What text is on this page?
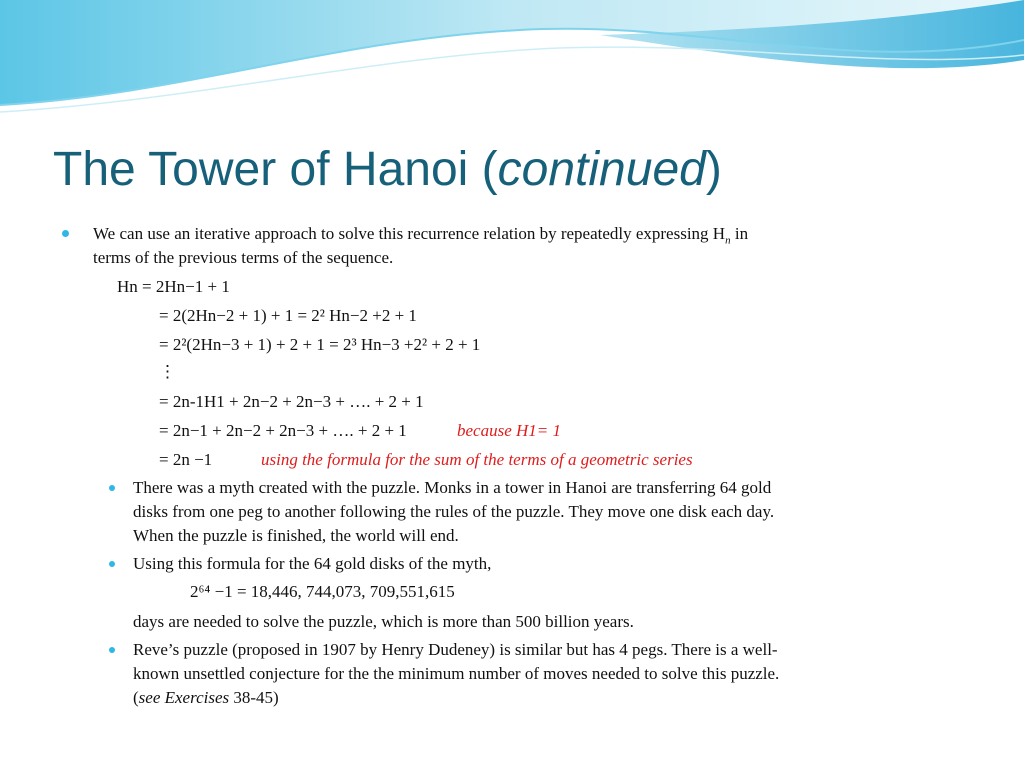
The Tower of Hanoi (continued)
We can use an iterative approach to solve this recurrence relation by repeatedly expressing $H_n$ in
terms of the previous terms of the sequence.
Hn = 2Hn−1 + 1
= 2(2Hn−2 + 1) + 1 = 2² Hn−2 +2 + 1
= 2²(2Hn−3 + 1) + 2 + 1 = 2³ Hn−3 +2² + 2 + 1
⋮
= 2n-1H1 + 2n−2 + 2n−3 + …. + 2 + 1
= 2n−1 + 2n−2 + 2n−3 + …. + 2 + 1	because H1= 1
= 2n −1	using the formula for the sum of the terms of a geometric series
There was a myth created with the puzzle. Monks in a tower in Hanoi are transferring 64 gold
disks from one peg to another following the rules of the puzzle. They move one disk each day.
When the puzzle is finished, the world will end.
Using this formula for the 64 gold disks of the myth,
2⁶⁴ −1 = 18,446, 744,073, 709,551,615
days are needed to solve the puzzle, which is more than 500 billion years.
Reve’s puzzle (proposed in 1907 by Henry Dudeney) is similar but has 4 pegs. There is a well-
known unsettled conjecture for the the minimum number of moves needed to solve this puzzle.
(see Exercises 38-45)
